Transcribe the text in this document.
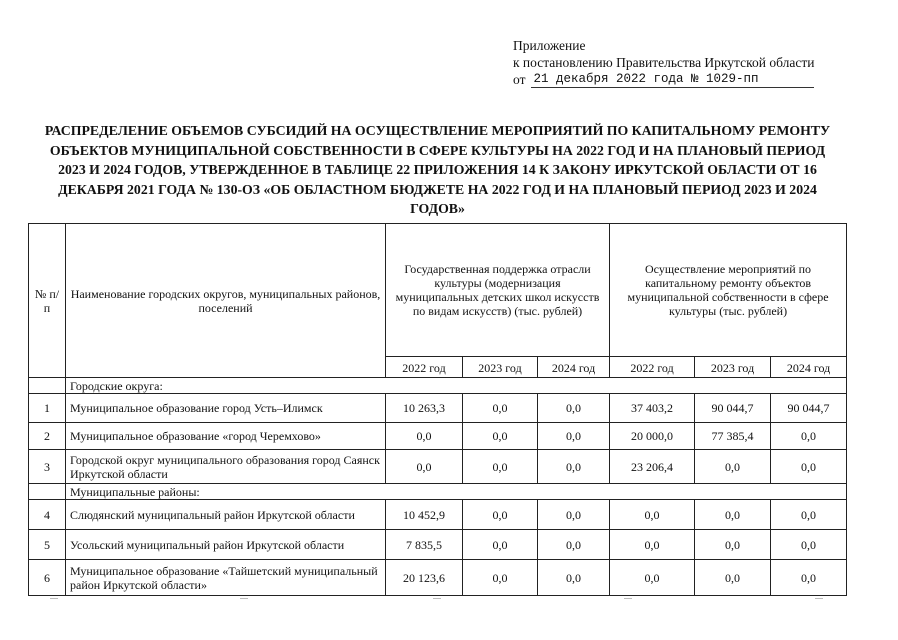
Приложение
к постановлению Правительства Иркутской области
от 21 декабря 2022 года № 1029-пп
РАСПРЕДЕЛЕНИЕ ОБЪЕМОВ СУБСИДИЙ НА ОСУЩЕСТВЛЕНИЕ МЕРОПРИЯТИЙ ПО КАПИТАЛЬНОМУ РЕМОНТУ ОБЪЕКТОВ МУНИЦИПАЛЬНОЙ СОБСТВЕННОСТИ В СФЕРЕ КУЛЬТУРЫ НА 2022 ГОД И НА ПЛАНОВЫЙ ПЕРИОД 2023 И 2024 ГОДОВ, УТВЕРЖДЕННОЕ В ТАБЛИЦЕ 22 ПРИЛОЖЕНИЯ 14 К ЗАКОНУ ИРКУТСКОЙ ОБЛАСТИ ОТ 16 ДЕКАБРЯ 2021 ГОДА № 130-ОЗ «ОБ ОБЛАСТНОМ БЮДЖЕТЕ НА 2022 ГОД И НА ПЛАНОВЫЙ ПЕРИОД 2023 И 2024 ГОДОВ»
№ п/п	Наименование городских округов, муниципальных районов, поселений	Государственная поддержка отрасли культуры (модернизация муниципальных детских школ искусств по видам искусств) (тыс. рублей)			Осуществление мероприятий по капитальному ремонту объектов муниципальной собственности в сфере культуры (тыс. рублей)		
		2022 год	2023 год	2024 год	2022 год	2023 год	2024 год
	Городские округа:						
1	Муниципальное образование город Усть–Илимск	10 263,3	0,0	0,0	37 403,2	90 044,7	90 044,7
2	Муниципальное образование «город Черемхово»	0,0	0,0	0,0	20 000,0	77 385,4	0,0
3	Городской округ муниципального образования город Саянск Иркутской области	0,0	0,0	0,0	23 206,4	0,0	0,0
	Муниципальные районы:						
4	Слюдянский муниципальный район Иркутской области	10 452,9	0,0	0,0	0,0	0,0	0,0
5	Усольский муниципальный район Иркутской области	7 835,5	0,0	0,0	0,0	0,0	0,0
6	Муниципальное образование «Тайшетский муниципальный район Иркутской области»	20 123,6	0,0	0,0	0,0	0,0	0,0
